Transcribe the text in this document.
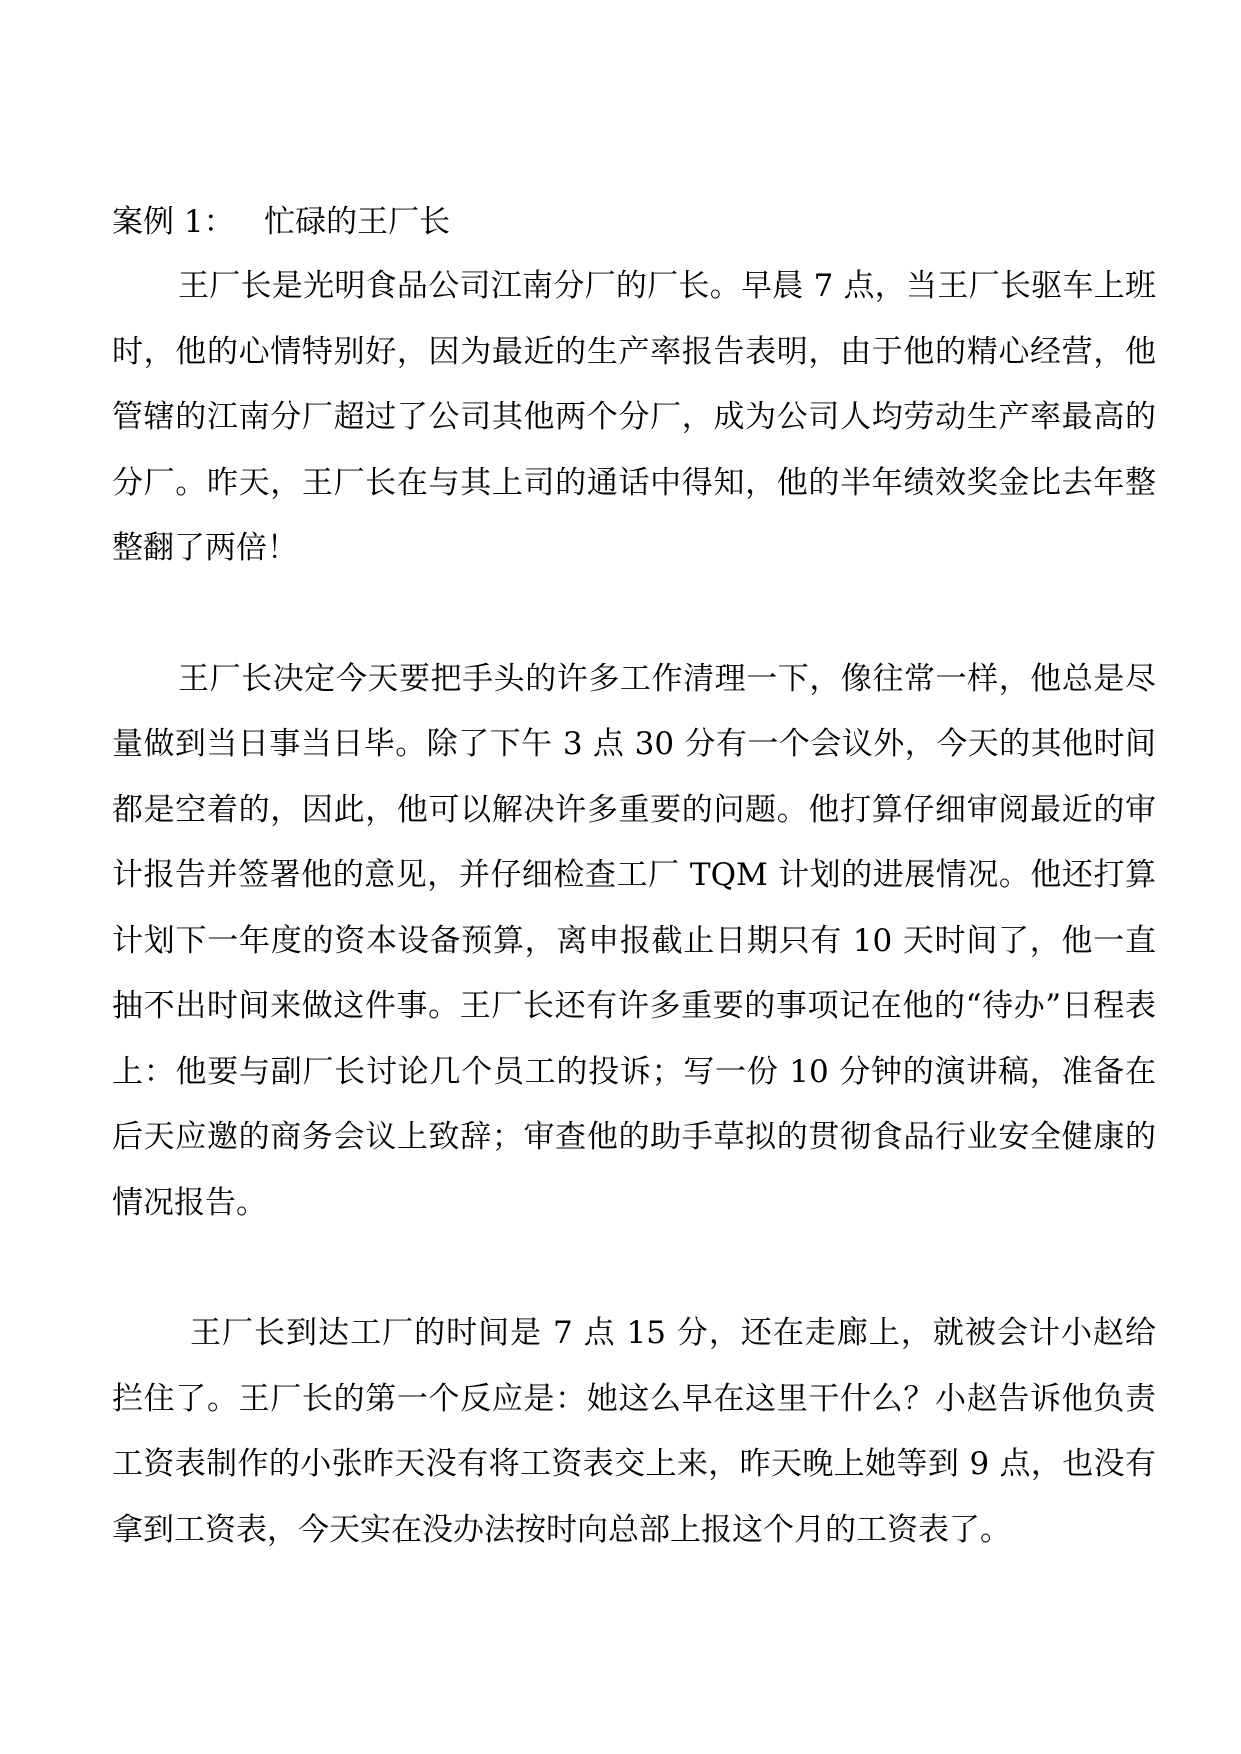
案例 1：   忙碌的王厂长

王厂长是光明食品公司江南分厂的厂长。早晨 7 点，当王厂长驱车上班时，他的心情特别好，因为最近的生产率报告表明，由于他的精心经营，他管辖的江南分厂超过了公司其他两个分厂，成为公司人均劳动生产率最高的分厂。昨天，王厂长在与其上司的通话中得知，他的半年绩效奖金比去年整整翻了两倍！

王厂长决定今天要把手头的许多工作清理一下，像往常一样，他总是尽量做到当日事当日毕。除了下午 3 点 30 分有一个会议外，今天的其他时间都是空着的，因此，他可以解决许多重要的问题。他打算仔细审阅最近的审计报告并签署他的意见，并仔细检查工厂 TQM 计划的进展情况。他还打算计划下一年度的资本设备预算，离申报截止日期只有 10 天时间了，他一直抽不出时间来做这件事。王厂长还有许多重要的事项记在他的“待办”日程表上：他要与副厂长讨论几个员工的投诉；写一份 10 分钟的演讲稿，准备在后天应邀的商务会议上致辞；审查他的助手草拟的贯彻食品行业安全健康的情况报告。

王厂长到达工厂的时间是 7 点 15 分，还在走廊上，就被会计小赵给拦住了。王厂长的第一个反应是：她这么早在这里干什么？小赵告诉他负责工资表制作的小张昨天没有将工资表交上来，昨天晚上她等到 9 点，也没有拿到工资表，今天实在没办法按时向总部上报这个月的工资表了。
